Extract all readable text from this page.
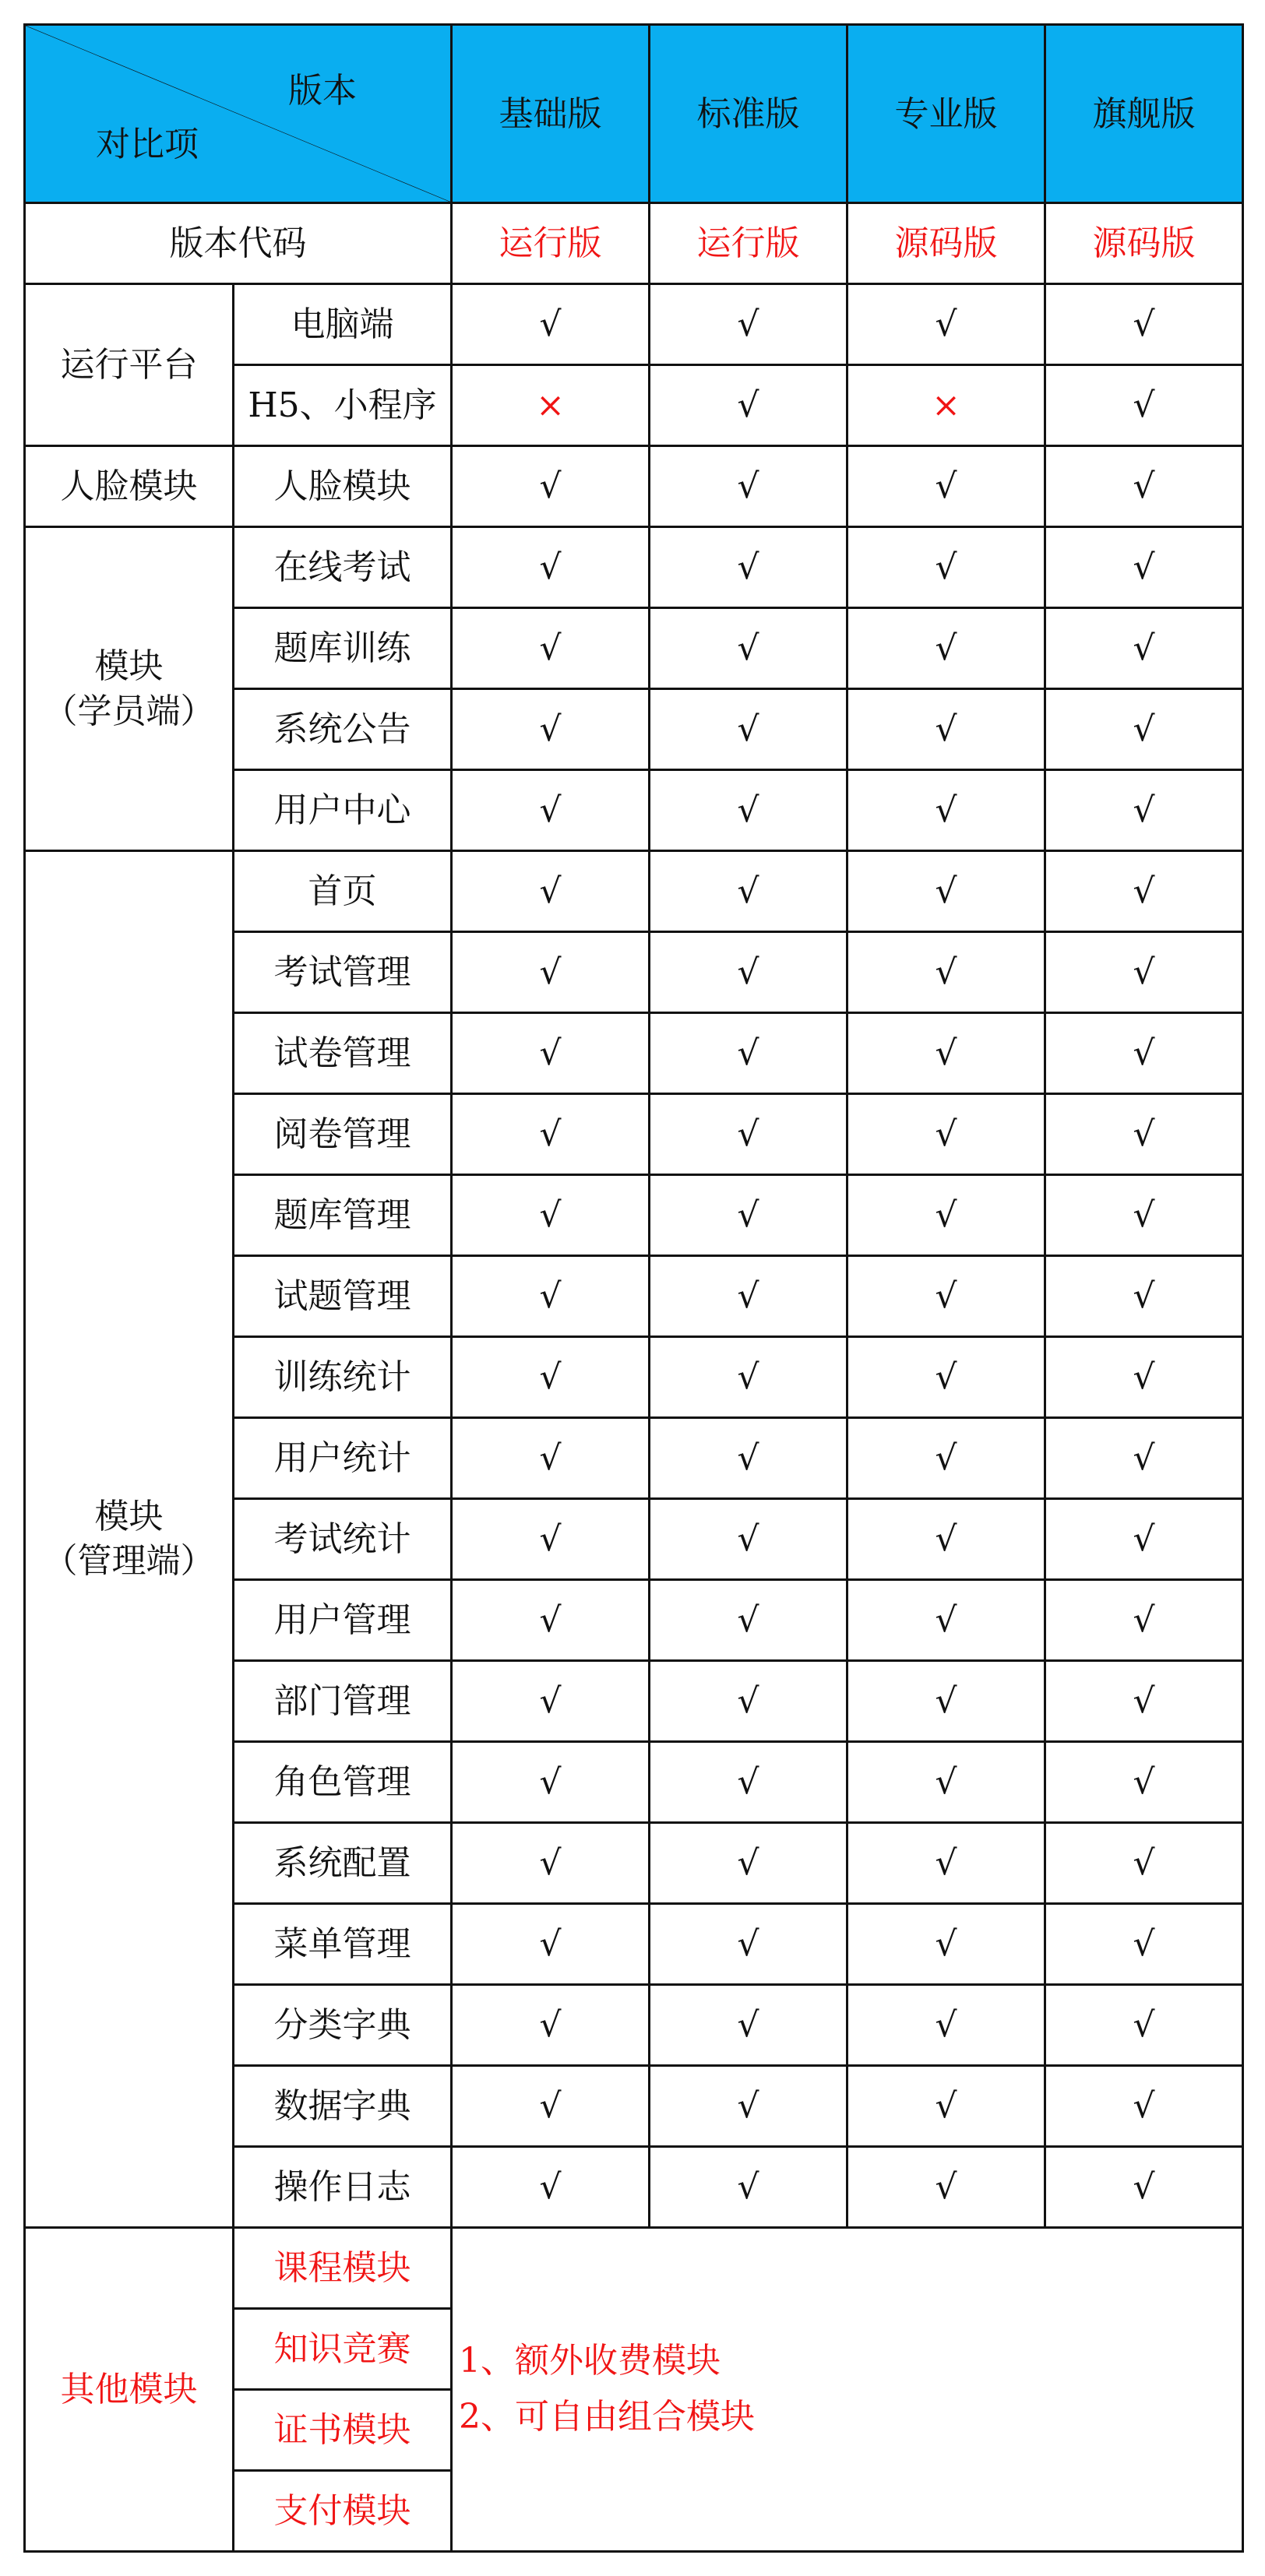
版本
对比项		基础版	标准版	专业版	旗舰版
版本代码		运行版	运行版	源码版	源码版

运行平台	电脑端	√	√	√	√
	H5、小程序	×	√	×	√

人脸模块	人脸模块	√	√	√	√

模块
（学员端）	在线考试	√	√	√	√
	题库训练	√	√	√	√
	系统公告	√	√	√	√
	用户中心	√	√	√	√

模块
（管理端）	首页	√	√	√	√
	考试管理	√	√	√	√
	试卷管理	√	√	√	√
	阅卷管理	√	√	√	√
	题库管理	√	√	√	√
	试题管理	√	√	√	√
	训练统计	√	√	√	√
	用户统计	√	√	√	√
	考试统计	√	√	√	√
	用户管理	√	√	√	√
	部门管理	√	√	√	√
	角色管理	√	√	√	√
	系统配置	√	√	√	√
	菜单管理	√	√	√	√
	分类字典	√	√	√	√
	数据字典	√	√	√	√
	操作日志	√	√	√	√
其他模块	课程模块	1、额外收费模块
2、可自由组合模块			

	知识竞赛				
	证书模块				
	支付模块				
